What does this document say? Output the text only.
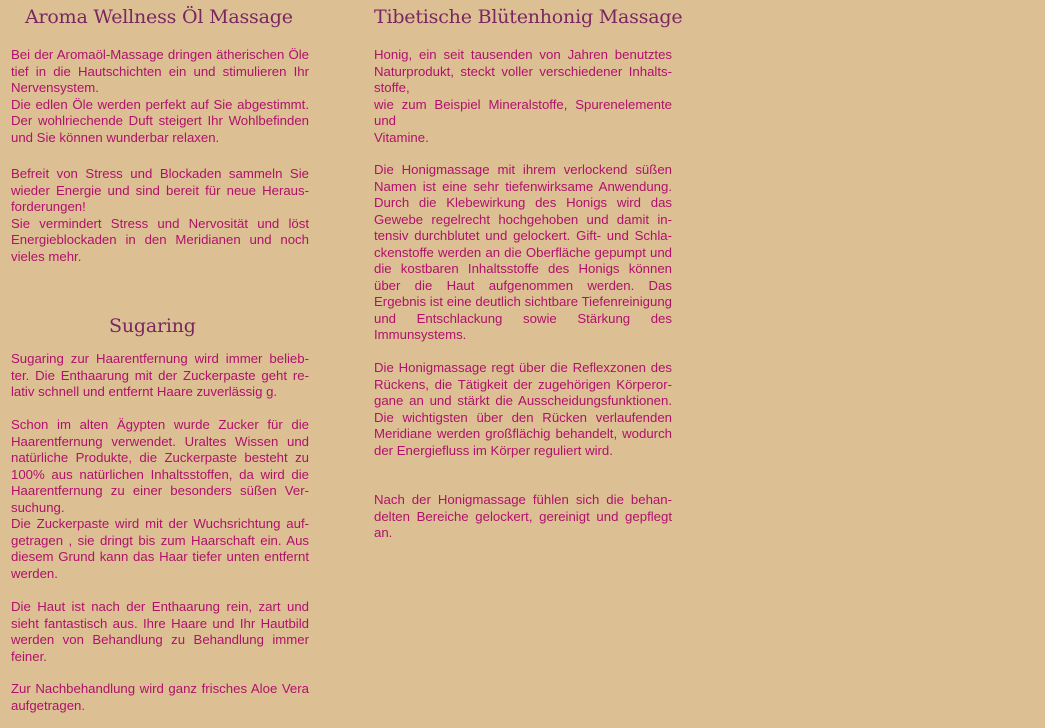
Aroma Wellness Öl Massage

Bei der Aromaöl-Massage dringen ätherischen Öle tief in die Hautschichten ein und stimulieren Ihr Nervensystem.
Die edlen Öle werden perfekt auf Sie abgestimmt. Der wohlriechende Duft steigert Ihr Wohlbefinden und Sie können wunderbar relaxen.

Befreit von Stress und Blockaden sammeln Sie wieder Energie und sind bereit für neue Heraus-forderungen!
Sie vermindert Stress und Nervosität und löst Energieblockaden in den Meridianen und noch vieles mehr.

Sugaring

Sugaring zur Haarentfernung wird immer belieb-ter. Die Enthaarung mit der Zuckerpaste geht re-lativ schnell und entfernt Haare zuverlässig g.

Schon im alten Ägypten wurde Zucker für die Haarentfernung verwendet. Uraltes Wissen und natürliche Produkte, die Zuckerpaste besteht zu 100% aus natürlichen Inhaltsstoffen, da wird die Haarentfernung zu einer besonders süßen Ver-suchung.
Die Zuckerpaste wird mit der Wuchsrichtung auf-getragen , sie dringt bis zum Haarschaft ein. Aus diesem Grund kann das Haar tiefer unten entfernt werden.

Die Haut ist nach der Enthaarung rein, zart und sieht fantastisch aus. Ihre Haare und Ihr Hautbild werden von Behandlung zu Behandlung immer feiner.

Zur Nachbehandlung wird ganz frisches Aloe Vera aufgetragen.

Tibetische Blütenhonig Massage

Honig, ein seit tausenden von Jahren benutztes Naturprodukt, steckt voller verschiedener Inhalts-stoffe,
wie zum Beispiel Mineralstoffe, Spurenelemente und
Vitamine.

Die Honigmassage mit ihrem verlockend süßen Namen ist eine sehr tiefenwirksame Anwendung. Durch die Klebewirkung des Honigs wird das Gewebe regelrecht hochgehoben und damit in-tensiv durchblutet und gelockert. Gift- und Schla-ckenstoffe werden an die Oberfläche gepumpt und die kostbaren Inhaltsstoffe des Honigs können über die Haut aufgenommen werden. Das Ergebnis ist eine deutlich sichtbare Tiefenreinigung und Entschlackung sowie Stärkung des Immunsystems.

Die Honigmassage regt über die Reflexzonen des Rückens, die Tätigkeit der zugehörigen Körperor-gane an und stärkt die Ausscheidungsfunktionen. Die wichtigsten über den Rücken verlaufenden Meridiane werden großflächig behandelt, wodurch der Energiefluss im Körper reguliert wird.

Nach der Honigmassage fühlen sich die behan-delten Bereiche gelockert, gereinigt und gepflegt an.
